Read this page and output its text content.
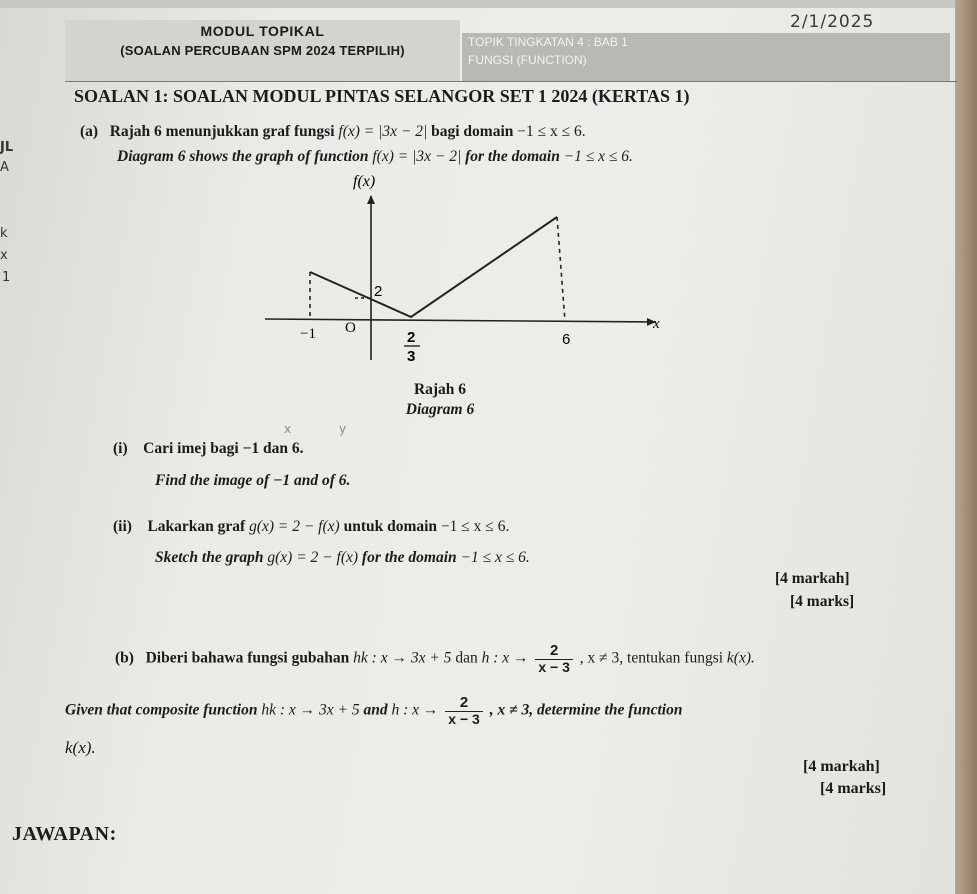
JL
A
k
x
1
MODUL TOPIKAL
(SOALAN PERCUBAAN SPM 2024 TERPILIH)
TOPIK TINGKATAN 4 : BAB 1
FUNGSI (FUNCTION)
2/1/2025
SOALAN 1: SOALAN MODUL PINTAS SELANGOR SET 1 2024 (KERTAS 1)
(a) Rajah 6 menunjukkan graf fungsi f(x) = |3x − 2| bagi domain −1 ≤ x ≤ 6.
Diagram 6 shows the graph of function f(x) = |3x − 2| for the domain −1 ≤ x ≤ 6.
f(x)
x
−1 O
2
3
6
2
Rajah 6
Diagram 6
x	y
(i) Cari imej bagi −1 dan 6.
Find the image of −1 and of 6.
(ii) Lakarkan graf g(x) = 2 − f(x) untuk domain −1 ≤ x ≤ 6.
Sketch the graph g(x) = 2 − f(x) for the domain −1 ≤ x ≤ 6.
[4 markah]
[4 marks]
(b) Diberi bahawa fungsi gubahan hk : x → 3x + 5 dan h : $x \to \frac{2}{x - 3}$ , x ≠ 3, tentukan fungsi k(x).
Given that composite function hk : x → 3x + 5 and h : $x \to \frac{2}{x - 3}$ , x ≠ 3, determine the function
k(x).
[4 markah]
[4 marks]
JAWAPAN:
